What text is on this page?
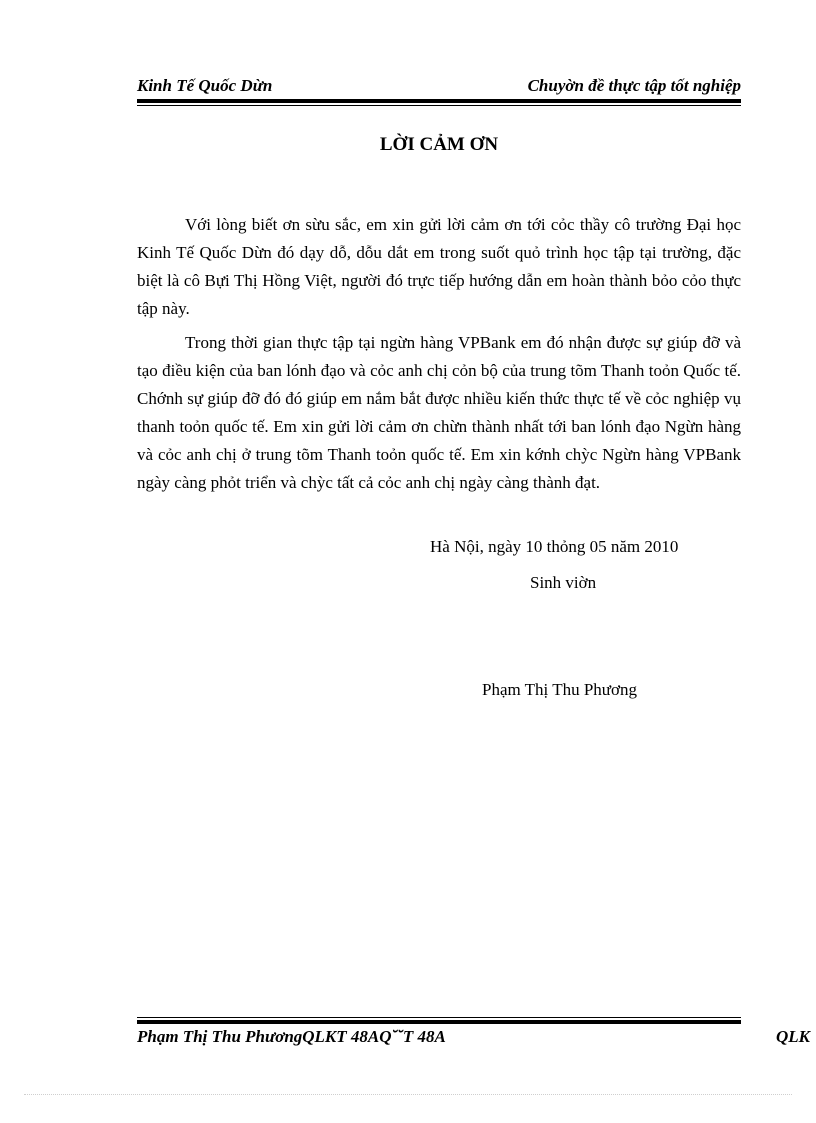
Kinh Tế Quốc Dừn	Chuyờn đề thực tập tốt nghiệp
LỜI CẢM ƠN

Với lòng biết ơn sừu sắc, em xin gửi lời cảm ơn tới cỏc thầy cô trường Đại học Kinh Tế Quốc Dừn đó dạy dỗ, dỗu dắt em trong suốt quỏ trình học tập tại trường, đặc biệt là cô Bựi Thị Hồng Việt, người đó trực tiếp hướng dẫn em hoàn thành bỏo cỏo thực tập này.

Trong thời gian thực tập tại ngừn hàng VPBank em đó nhận được sự giúp đỡ và tạo điều kiện của ban lónh đạo và cỏc anh chị cỏn bộ của trung tõm Thanh toỏn Quốc tế. Chớnh sự giúp đỡ đó đó giúp em nắm bắt được nhiều kiến thức thực tế về cỏc nghiệp vụ thanh toỏn quốc tế. Em xin gửi lời cảm ơn chừn thành nhất tới ban lónh đạo Ngừn hàng và cỏc anh chị ở trung tõm Thanh toỏn quốc tế. Em xin kớnh chỳc Ngừn hàng VPBank ngày càng phỏt triển và chỳc tất cả cỏc anh chị ngày càng thành đạt.

Hà Nội, ngày 10 thỏng 05 năm 2010
Sinh viờn
Phạm Thị Thu Phương
Phạm Thị Thu PhươngQLKT 48AQ˘˘T 48A	QLK
